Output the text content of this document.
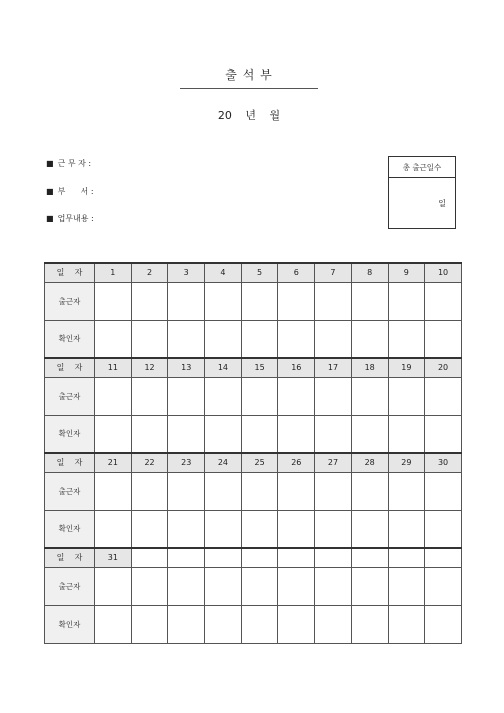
출 석 부
20 년 월
■ 근 무 자 :
■ 부      서 :
■ 업무내용 :
총 출근일수
일
일    자	1	2	3	4	5	6	7	8	9	10
출근자										
확인자										
일    자	11	12	13	14	15	16	17	18	19	20
출근자										
확인자										
일    자	21	22	23	24	25	26	27	28	29	30
출근자										
확인자										
일    자	31									
출근자										
확인자										
